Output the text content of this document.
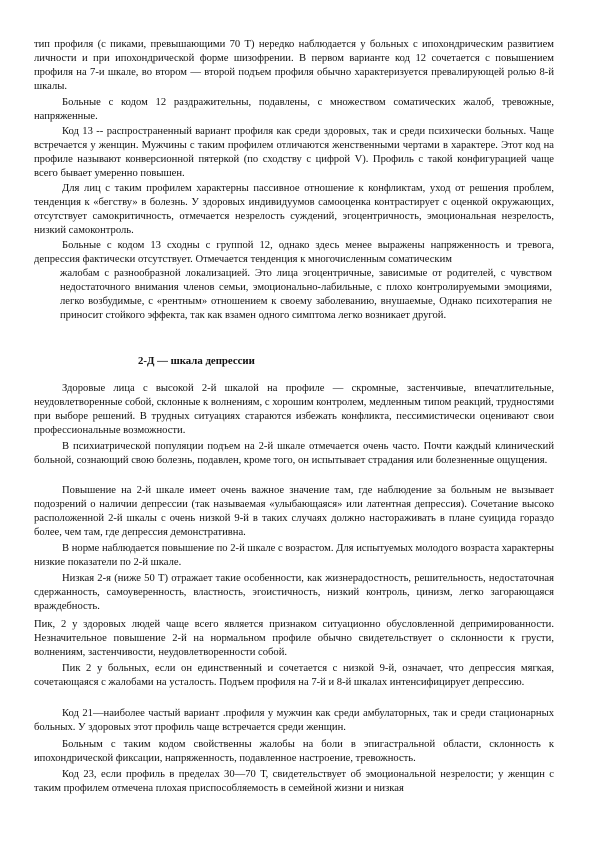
тип профиля (с пиками, превышающими 70 Т) нередко наблюдается у больных с ипохондрическим развитием личности и при ипохондрической форме шизофрении. В первом варианте код 12 сочетается с повышением профиля на 7-и шкале, во втором — второй подъем профиля обычно характеризуется превалирующей ролью 8-й шкалы.

Больные с кодом 12 раздражительны, подавлены, с множеством соматических жалоб, тревожные, напряженные.

Код 13 -- распространенный вариант профиля как среди здоровых, так и среди психически больных. Чаще встречается у женщин. Мужчины с таким профилем отличаются женственными чертами в характере. Этот код на профиле называют конверсионной пятеркой (по сходству с цифрой V). Профиль с такой конфигурацией чаще всего бывает умеренно повышен.

Для лиц с таким профилем характерны пассивное отношение к конфликтам, уход от решения проблем, тенденция к «бегству» в болезнь. У здоровых индивидуумов самооценка контрастирует с оценкой окружающих, отсутствует самокритичность, отмечается незрелость суждений, эгоцентричность, эмоциональная незрелость, низкий самоконтроль.

Больные с кодом 13 сходны с группой 12, однако здесь менее выражены напряженность и тревога, депрессия фактически отсутствует. Отмечается тенденция к многочисленным соматическим

жалобам с разнообразной локализацией. Это лица эгоцентричные, зависимые от родителей, с чувством недостаточного внимания членов семьи, эмоционально-лабильные, с плохо контролируемыми эмоциями, легко возбудимые, с «рентным» отношением к своему заболеванию, внушаемые, Однако психотерапия не приносит стойкого эффекта, так как взамен одного симптома легко возникает другой.

2-Д — шкала депрессии

Здоровые лица с высокой 2-й шкалой на профиле — скромные, застенчивые, впечатлительные, неудовлетворенные собой, склонные к волнениям, с хорошим контролем, медленным типом реакций, трудностями при выборе решений. В трудных ситуациях стараются избежать конфликта, пессимистически оценивают свои профессиональные возможности.

В психиатрической популяции подъем на 2-й шкале отмечается очень часто. Почти каждый клинический больной, сознающий свою болезнь, подавлен, кроме того, он испытывает страдания или болезненные ощущения.

Повышение на 2-й шкале имеет очень важное значение там, где наблюдение за больным не вызывает подозрений о наличии депрессии (так называемая «улыбающаяся» или латентная депрессия). Сочетание высоко расположенной 2-й шкалы с очень низкой 9-й в таких случаях должно настораживать в плане суицида гораздо более, чем там, где депрессия демонстративна.

В норме наблюдается повышение по 2-й шкале с возрастом. Для испытуемых молодого возраста характерны низкие показатели по 2-й шкале.

Низкая 2-я (ниже 50 Т) отражает такие особенности, как жизнерадостность, решительность, недостаточная сдержанность, самоуверенность, властность, эгоистичность, низкий контроль, цинизм, легко загорающаяся враждебность.

Пик, 2 у здоровых людей чаще всего является признаком ситуационно обусловленной депримированности. Незначительное повышение 2-й на нормальном профиле обычно свидетельствует о склонности к грусти, волнениям, застенчивости, неудовлетворенности собой.

Пик 2 у больных, если он единственный и сочетается с низкой 9-й, означает, что депрессия мягкая, сочетающаяся с жалобами на усталость. Подъем профиля на 7-й и 8-й шкалах интенсифицирует депрессию.

Код 21—наиболее частый вариант .профиля у мужчин как среди амбулаторных, так и среди стационарных больных. У здоровых этот профиль чаще встречается среди женщин.

Больным с таким кодом свойственны жалобы на боли в эпигастральной области, склонность к ипохондрической фиксации, напряженность, подавленное настроение, тревожность.

Код 23, если профиль в пределах 30—70 Т, свидетельствует об эмоциональной незрелости; у женщин с таким профилем отмечена плохая приспособляемость в семейной жизни и низкая
